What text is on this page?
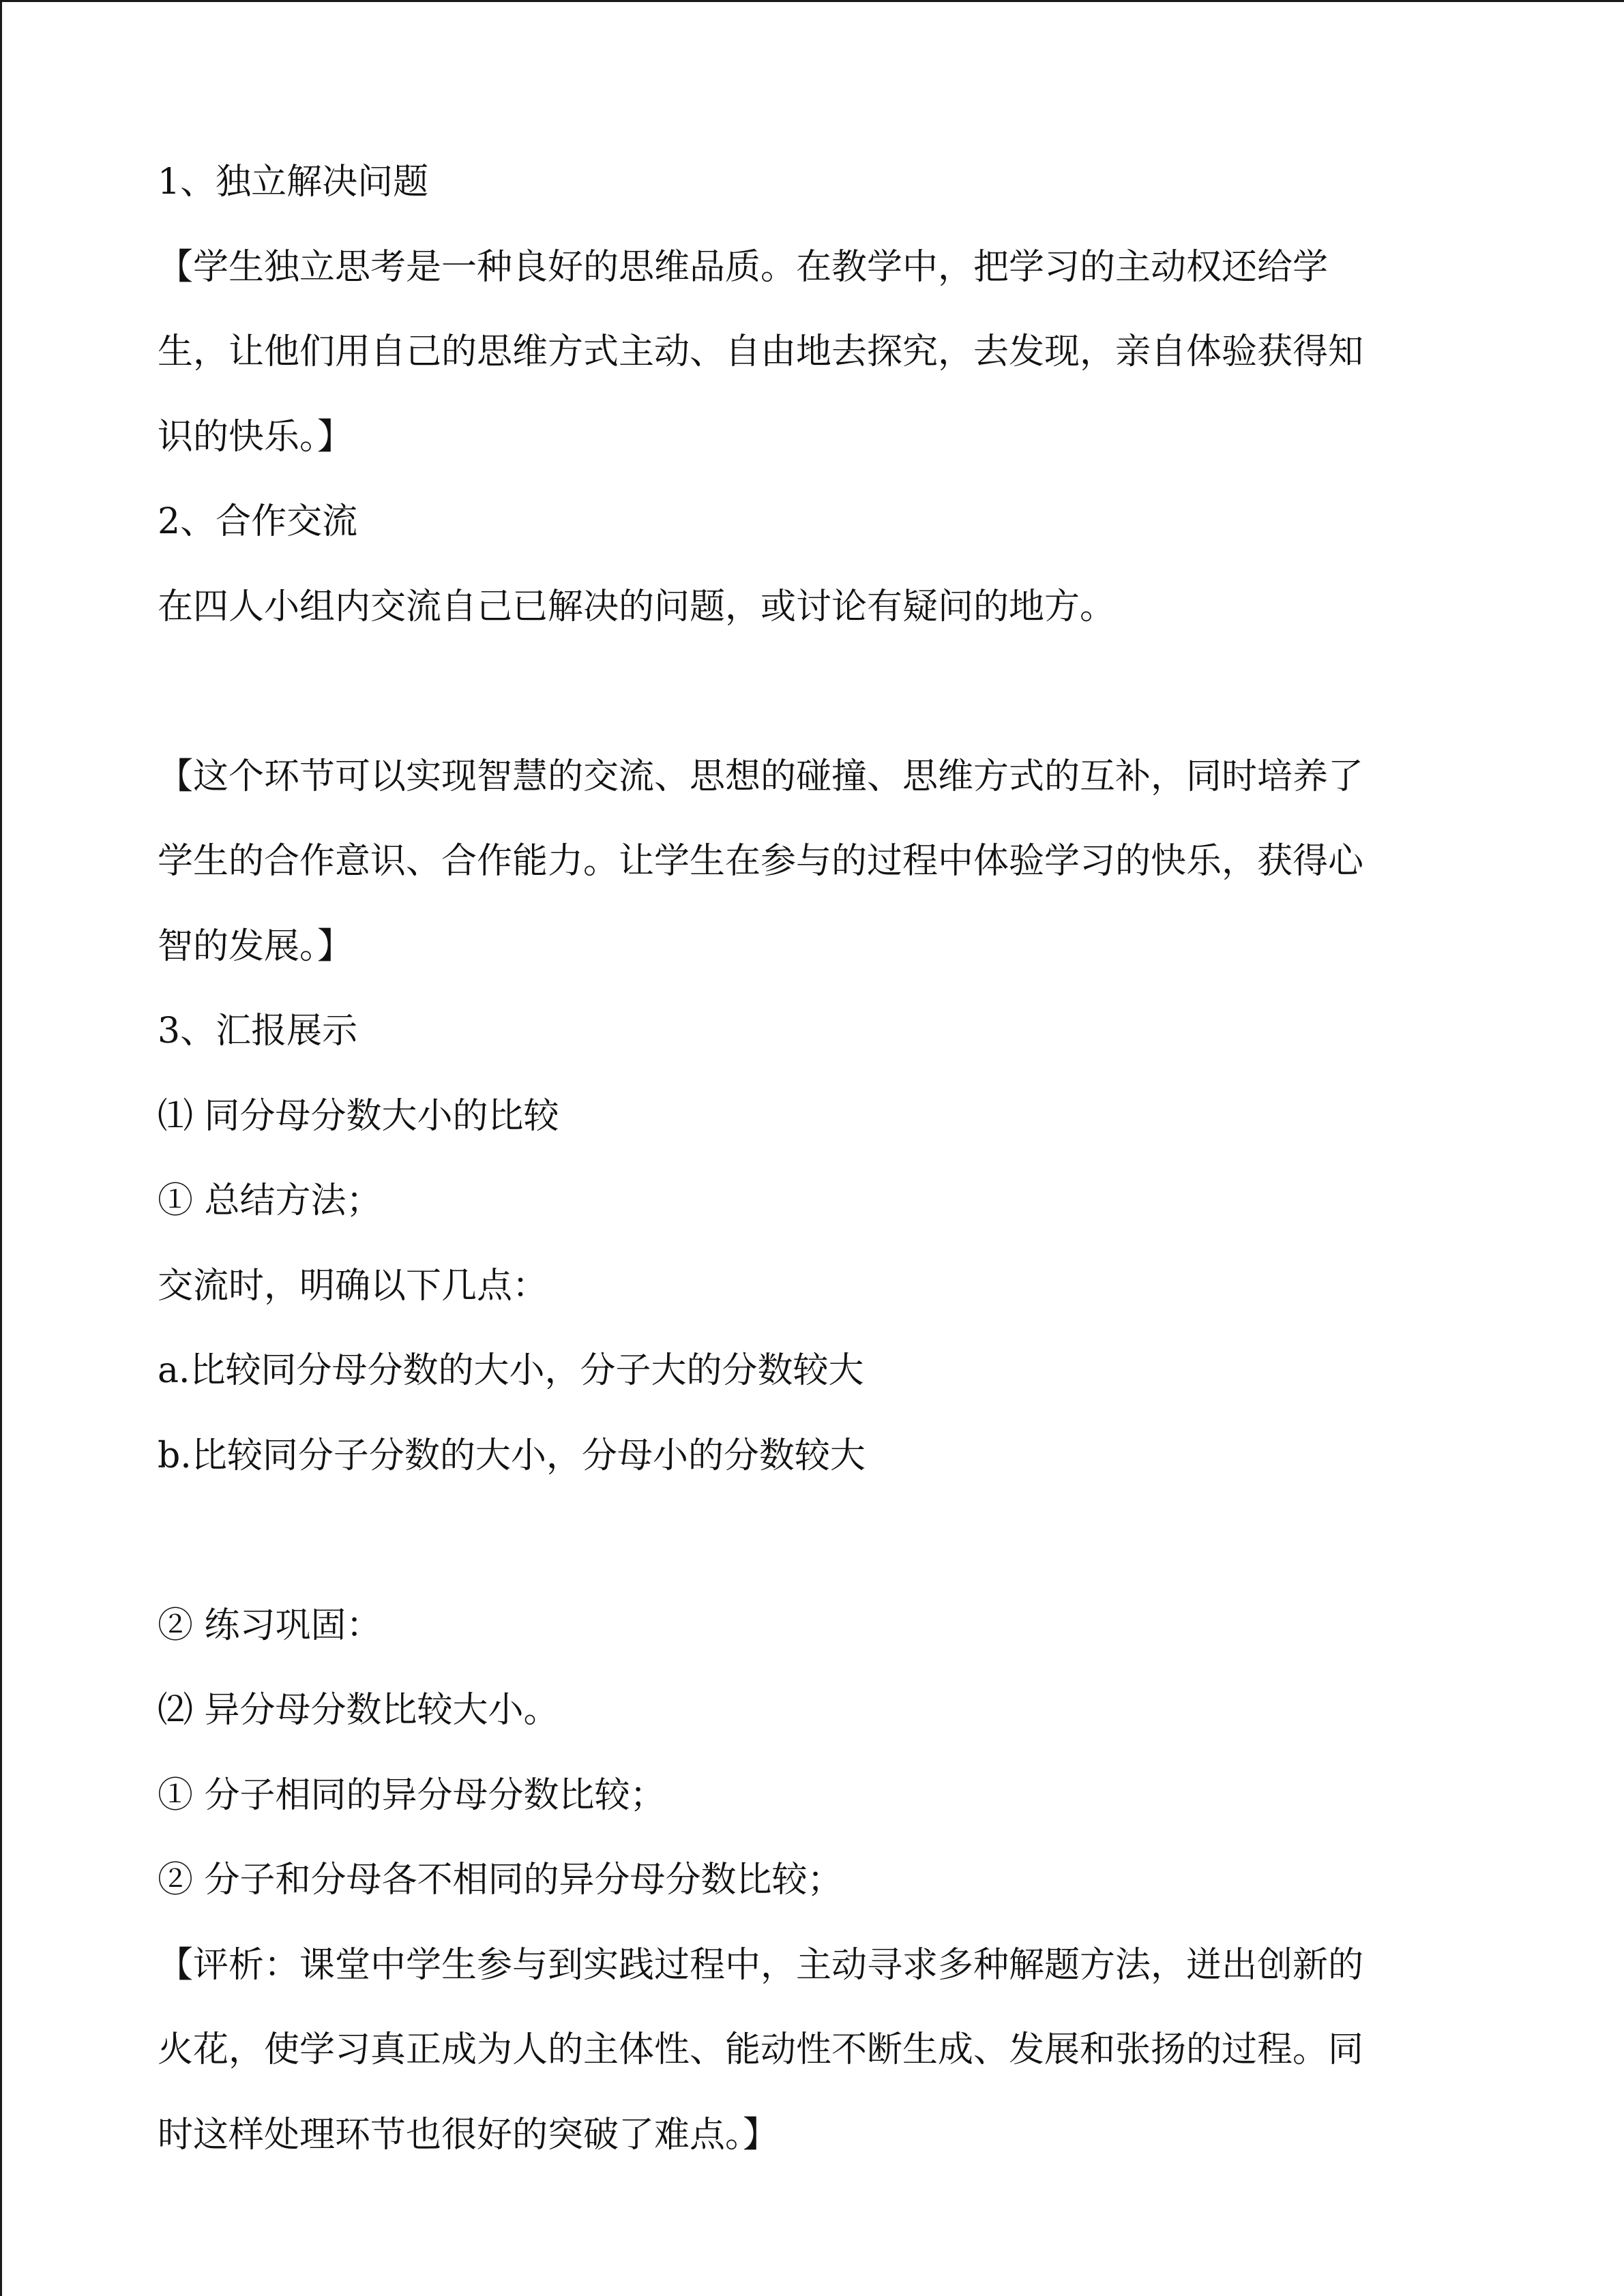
1、独立解决问题
【学生独立思考是一种良好的思维品质。在教学中，把学习的主动权还给学
生，让他们用自己的思维方式主动、自由地去探究，去发现，亲自体验获得知
识的快乐。】
2、合作交流
在四人小组内交流自己已解决的问题，或讨论有疑问的地方。
【这个环节可以实现智慧的交流、思想的碰撞、思维方式的互补，同时培养了
学生的合作意识、合作能力。让学生在参与的过程中体验学习的快乐，获得心
智的发展。】
3、汇报展示
⑴ 同分母分数大小的比较
① 总结方法；
交流时，明确以下几点：
a.比较同分母分数的大小，分子大的分数较大
b.比较同分子分数的大小，分母小的分数较大
② 练习巩固：
⑵ 异分母分数比较大小。
① 分子相同的异分母分数比较；
② 分子和分母各不相同的异分母分数比较；
【评析：课堂中学生参与到实践过程中，主动寻求多种解题方法，迸出创新的
火花，使学习真正成为人的主体性、能动性不断生成、发展和张扬的过程。同
时这样处理环节也很好的突破了难点。】
